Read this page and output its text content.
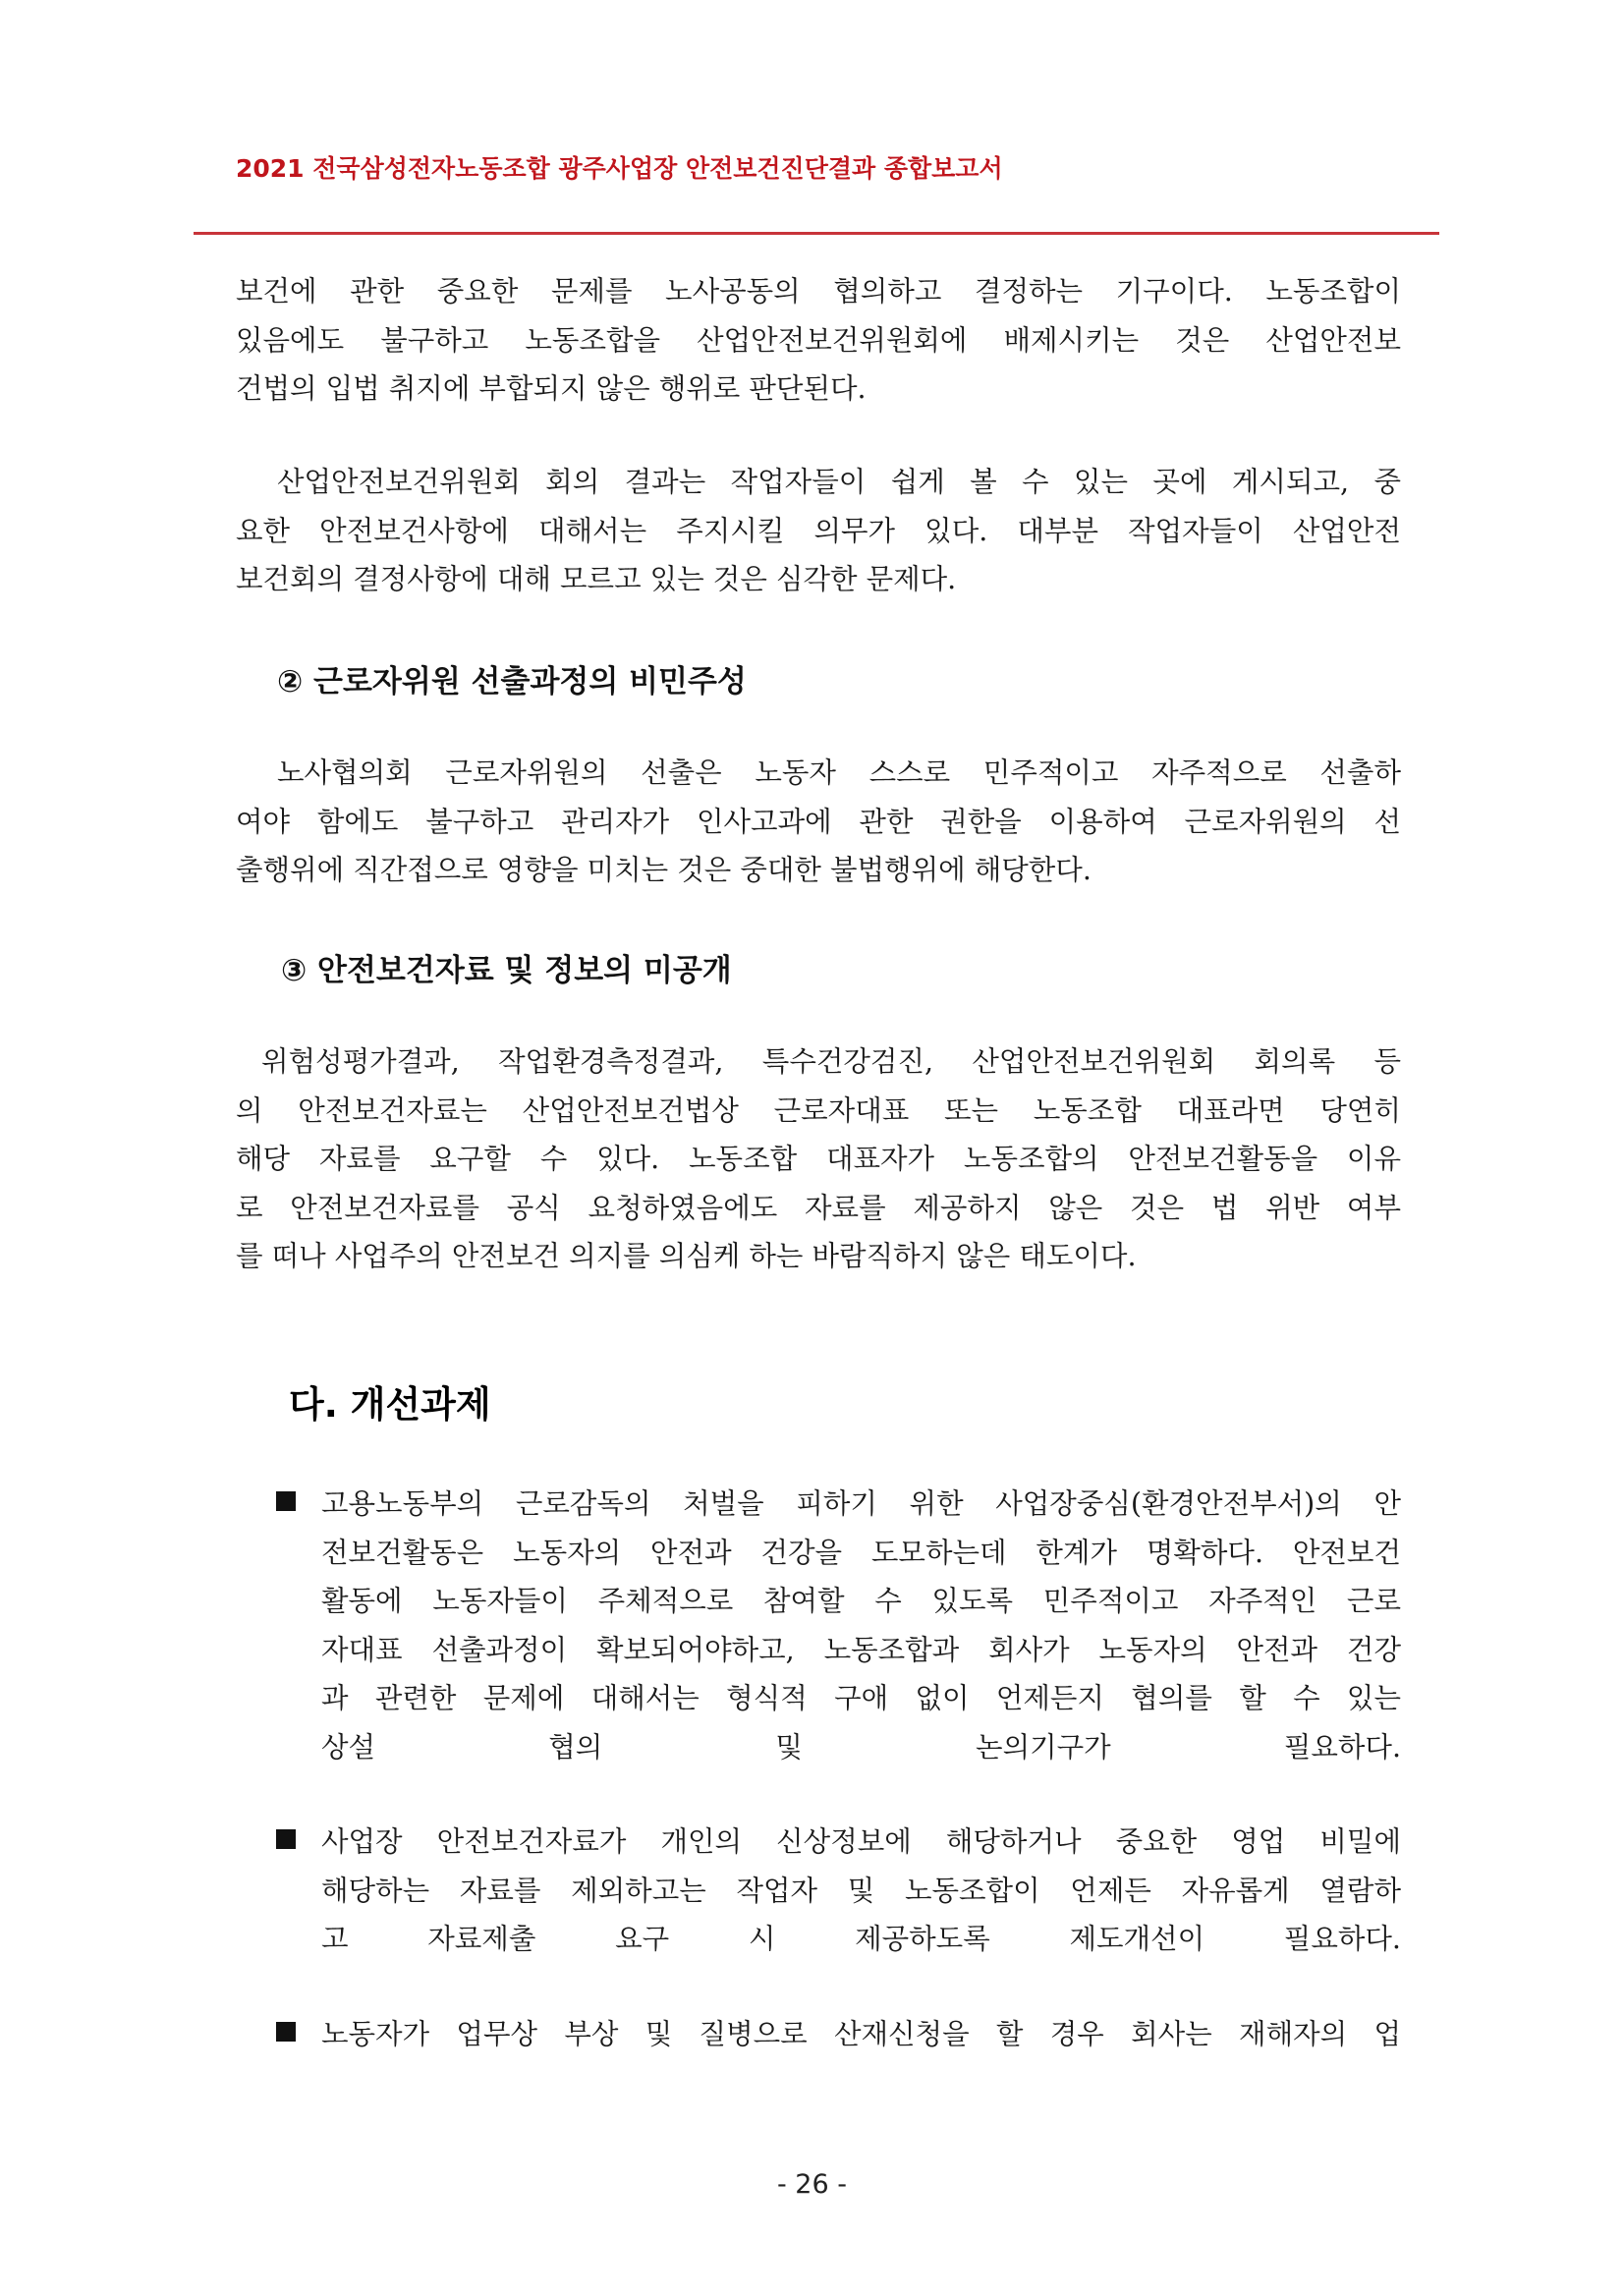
2021 전국삼성전자노동조합 광주사업장 안전보건진단결과 종합보고서
보건에 관한 중요한 문제를 노사공동의 협의하고 결정하는 기구이다. 노동조합이
있음에도 불구하고 노동조합을 산업안전보건위원회에 배제시키는 것은 산업안전보
건법의 입법 취지에 부합되지 않은 행위로 판단된다.
산업안전보건위원회 회의 결과는 작업자들이 쉽게 볼 수 있는 곳에 게시되고, 중
요한 안전보건사항에 대해서는 주지시킬 의무가 있다. 대부분 작업자들이 산업안전
보건회의 결정사항에 대해 모르고 있는 것은 심각한 문제다.
② 근로자위원 선출과정의 비민주성
노사협의회 근로자위원의 선출은 노동자 스스로 민주적이고 자주적으로 선출하
여야 함에도 불구하고 관리자가 인사고과에 관한 권한을 이용하여 근로자위원의 선
출행위에 직간접으로 영향을 미치는 것은 중대한 불법행위에 해당한다.
③ 안전보건자료 및 정보의 미공개
위험성평가결과, 작업환경측정결과, 특수건강검진, 산업안전보건위원회 회의록 등
의 안전보건자료는 산업안전보건법상 근로자대표 또는 노동조합 대표라면 당연히
해당 자료를 요구할 수 있다. 노동조합 대표자가 노동조합의 안전보건활동을 이유
로 안전보건자료를 공식 요청하였음에도 자료를 제공하지 않은 것은 법 위반 여부
를 떠나 사업주의 안전보건 의지를 의심케 하는 바람직하지 않은 태도이다.
다. 개선과제
고용노동부의 근로감독의 처벌을 피하기 위한 사업장중심(환경안전부서)의 안
전보건활동은 노동자의 안전과 건강을 도모하는데 한계가 명확하다. 안전보건
활동에 노동자들이 주체적으로 참여할 수 있도록 민주적이고 자주적인 근로
자대표 선출과정이 확보되어야하고, 노동조합과 회사가 노동자의 안전과 건강
과 관련한 문제에 대해서는 형식적 구애 없이 언제든지 협의를 할 수 있는
상설 협의 및 논의기구가 필요하다.
사업장 안전보건자료가 개인의 신상정보에 해당하거나 중요한 영업 비밀에
해당하는 자료를 제외하고는 작업자 및 노동조합이 언제든 자유롭게 열람하
고 자료제출 요구 시 제공하도록 제도개선이 필요하다.
노동자가 업무상 부상 및 질병으로 산재신청을 할 경우 회사는 재해자의 업
- 26 -
